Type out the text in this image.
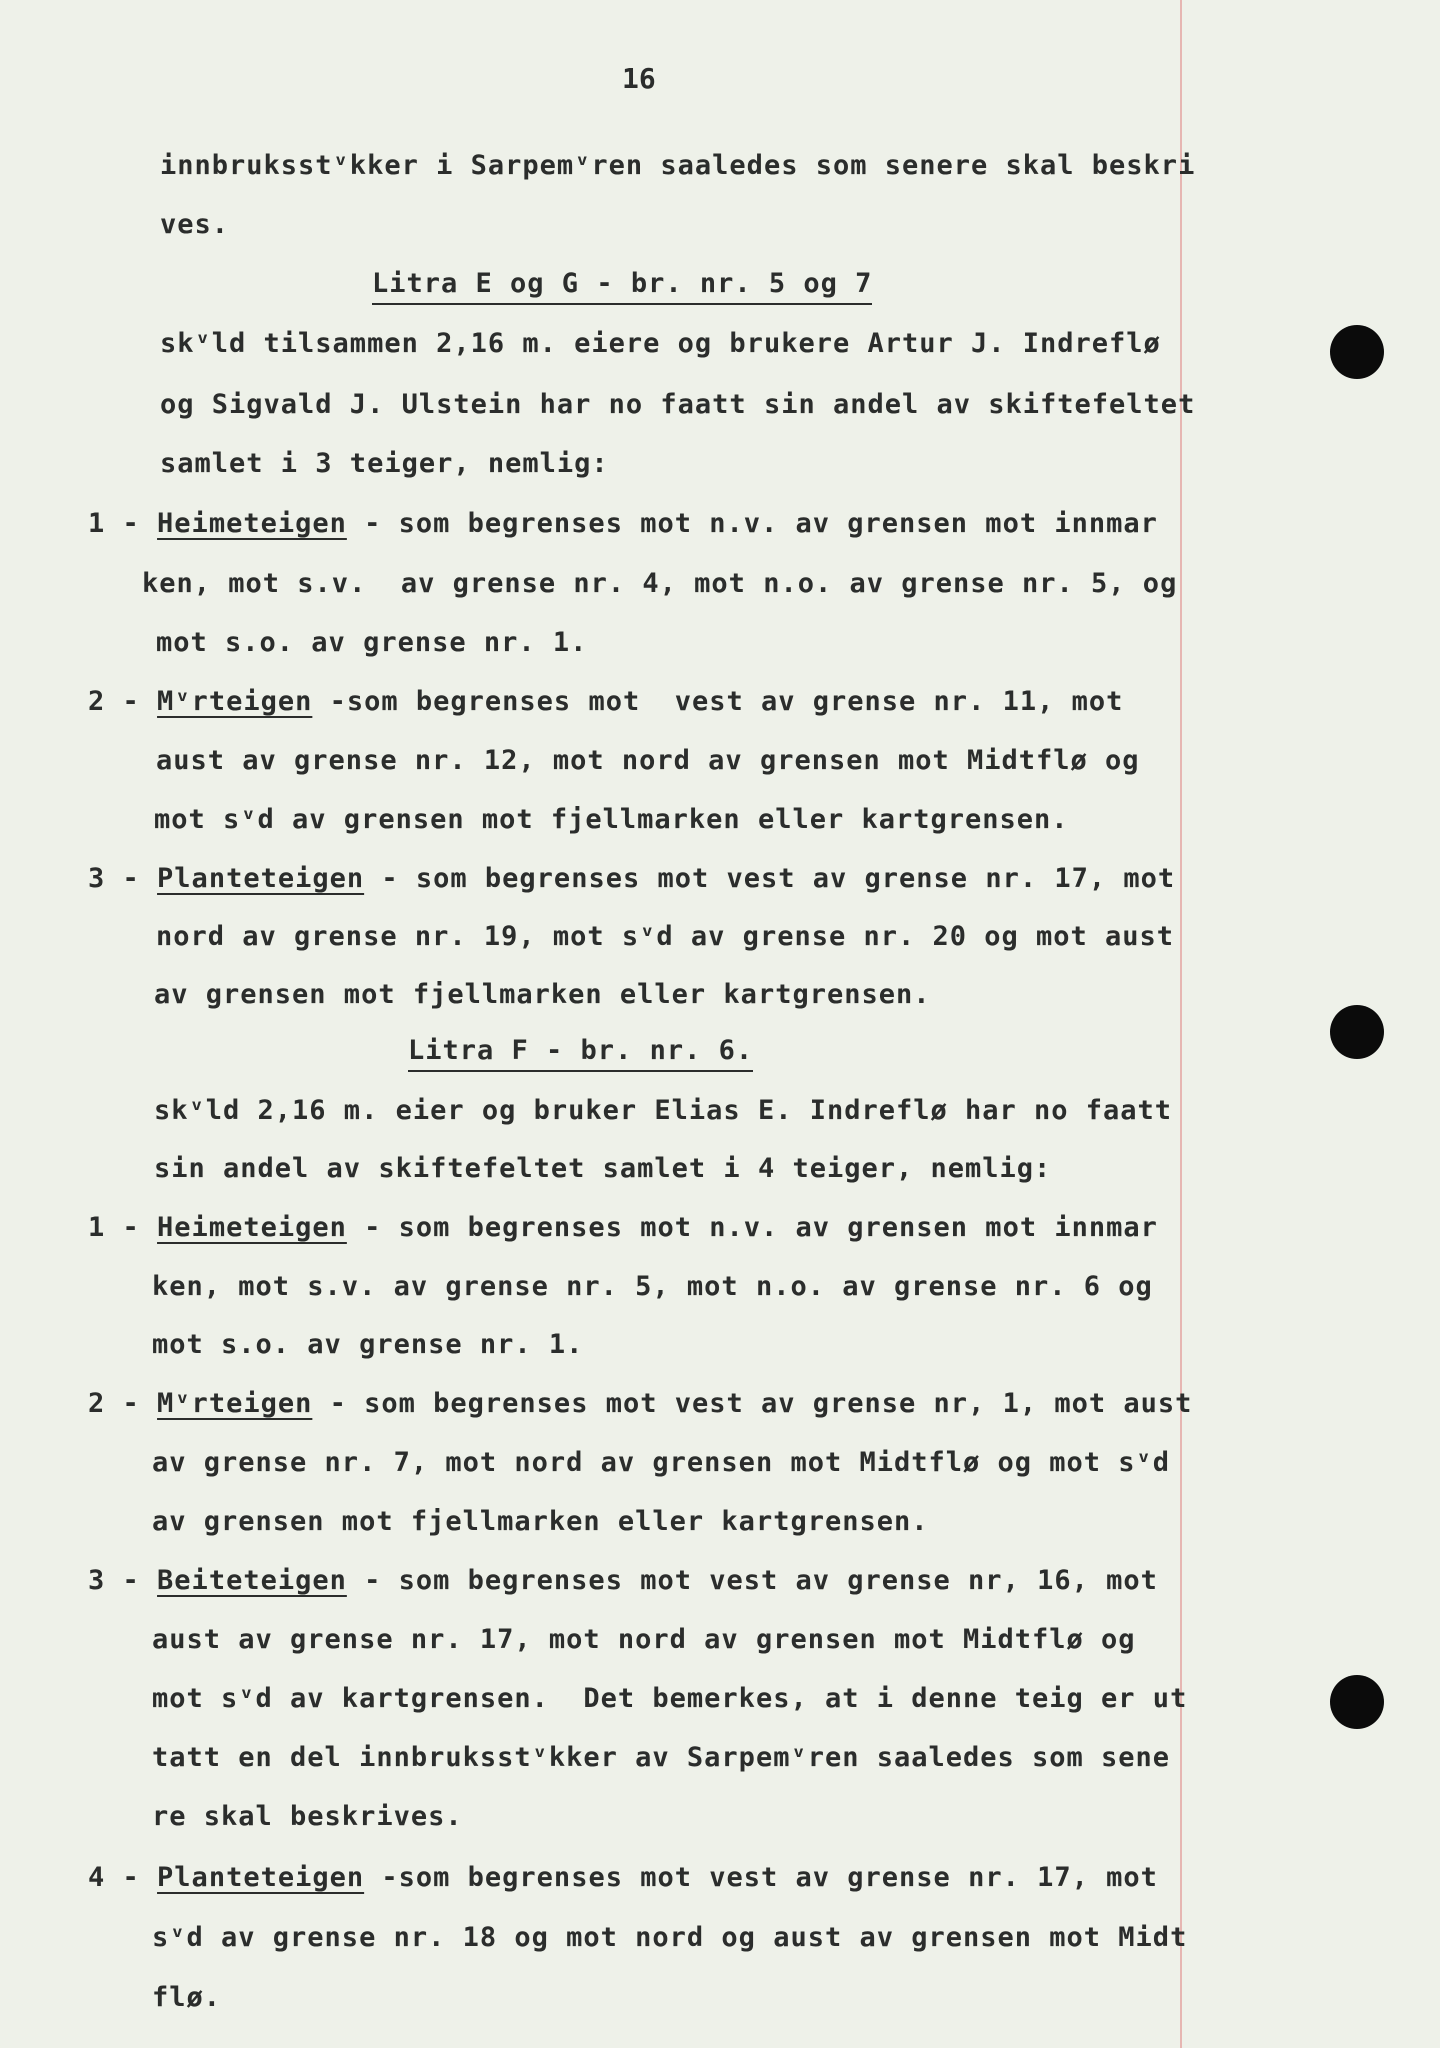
16
innbruksstᵛkker i Sarpemᵛren saaledes som senere skal beskri
ves.
Litra E og G - br. nr. 5 og 7
skᵛld tilsammen 2,16 m. eiere og brukere Artur J. Indreflø
og Sigvald J. Ulstein har no faatt sin andel av skiftefeltet
samlet i 3 teiger, nemlig:
1 - Heimeteigen - som begrenses mot n.v. av grensen mot innmar
ken, mot s.v.  av grense nr. 4, mot n.o. av grense nr. 5, og
mot s.o. av grense nr. 1.
2 - Mᵛrteigen -som begrenses mot  vest av grense nr. 11, mot
aust av grense nr. 12, mot nord av grensen mot Midtflø og
mot sᵛd av grensen mot fjellmarken eller kartgrensen.
3 - Planteteigen - som begrenses mot vest av grense nr. 17, mot
nord av grense nr. 19, mot sᵛd av grense nr. 20 og mot aust
av grensen mot fjellmarken eller kartgrensen.
Litra F - br. nr. 6.
skᵛld 2,16 m. eier og bruker Elias E. Indreflø har no faatt
sin andel av skiftefeltet samlet i 4 teiger, nemlig:
1 - Heimeteigen - som begrenses mot n.v. av grensen mot innmar
ken, mot s.v. av grense nr. 5, mot n.o. av grense nr. 6 og
mot s.o. av grense nr. 1.
2 - Mᵛrteigen - som begrenses mot vest av grense nr, 1, mot aust
av grense nr. 7, mot nord av grensen mot Midtflø og mot sᵛd
av grensen mot fjellmarken eller kartgrensen.
3 - Beiteteigen - som begrenses mot vest av grense nr, 16, mot
aust av grense nr. 17, mot nord av grensen mot Midtflø og
mot sᵛd av kartgrensen.  Det bemerkes, at i denne teig er ut
tatt en del innbruksstᵛkker av Sarpemᵛren saaledes som sene
re skal beskrives.
4 - Planteteigen -som begrenses mot vest av grense nr. 17, mot
sᵛd av grense nr. 18 og mot nord og aust av grensen mot Midt
flø.
